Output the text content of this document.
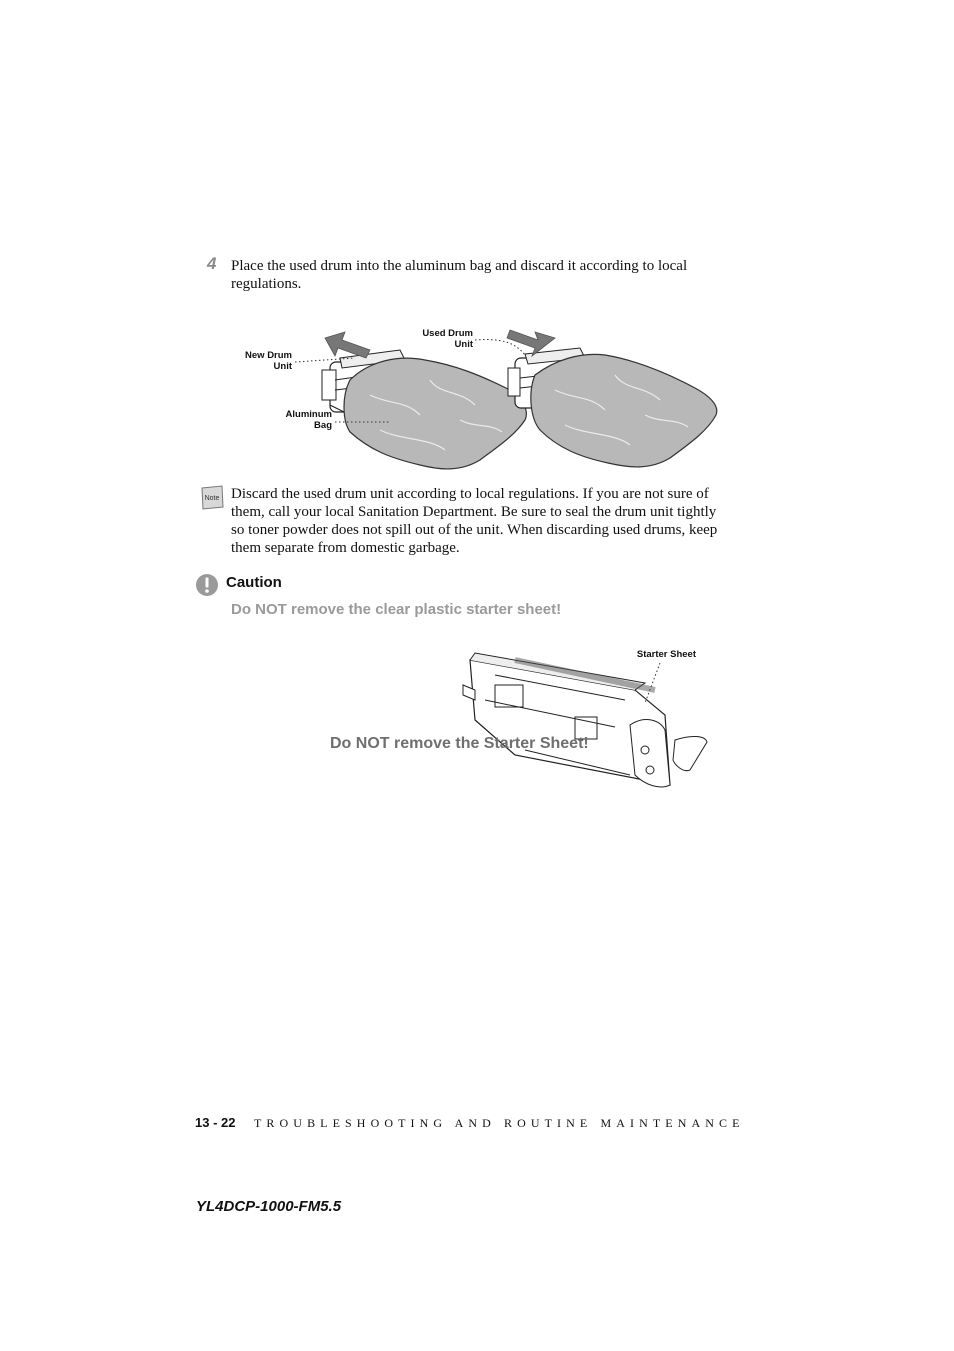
4 Place the used drum into the aluminum bag and discard it according to local regulations.
New Drum
Unit
Used Drum
Unit
Aluminum
Bag
Note Discard the used drum unit according to local regulations. If you are not sure of them, call your local Sanitation Department. Be sure to seal the drum unit tightly so toner powder does not spill out of the unit. When discarding used drums, keep them separate from domestic garbage.
Caution
Do NOT remove the clear plastic starter sheet!
Starter Sheet
Do NOT remove the Starter Sheet!
13 - 22 TROUBLESHOOTING AND ROUTINE MAINTENANCE
YL4DCP-1000-FM5.5
